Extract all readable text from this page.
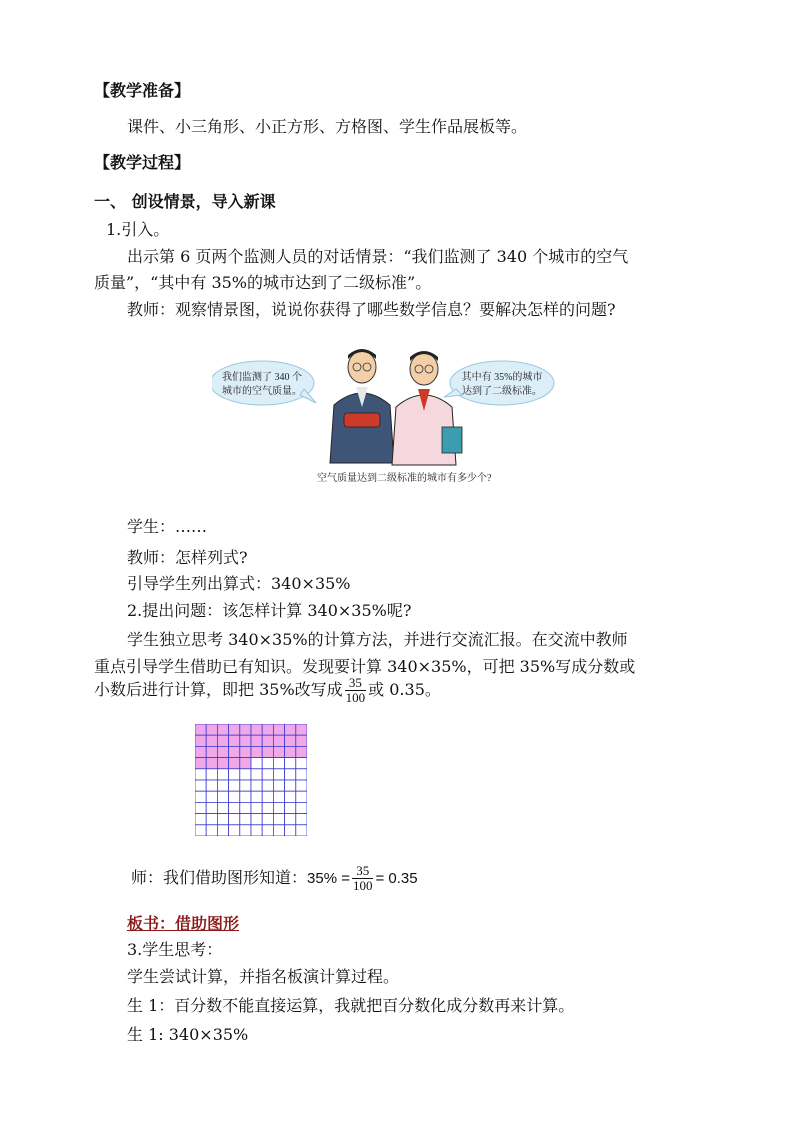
【教学准备】
课件、小三角形、小正方形、方格图、学生作品展板等。
【教学过程】
一、 创设情景，导入新课
1.引入。
出示第 6 页两个监测人员的对话情景：“我们监测了 340 个城市的空气
质量”，“其中有 35%的城市达到了二级标准”。
教师：观察情景图，说说你获得了哪些数学信息？要解决怎样的问题?
我们监测了 340 个
城市的空气质量。
其中有 35%的城市
达到了二级标准。
空气质量达到二级标准的城市有多少个?
学生：……
教师：怎样列式?
引导学生列出算式：340×35%
2.提出问题：该怎样计算 340×35%呢?
学生独立思考 340×35%的计算方法，并进行交流汇报。在交流中教师
重点引导学生借助已有知识。发现要计算 340×35%，可把 35%写成分数或
小数后进行计算，即把 35%改写成 $\frac{35}{100}$ 或 0.35。
师：我们借助图形知道：$35\% = \frac{35}{100} = 0.35$
板书：借助图形
3.学生思考：
学生尝试计算，并指名板演计算过程。
生 1：百分数不能直接运算，我就把百分数化成分数再来计算。
生 1: 340×35%
